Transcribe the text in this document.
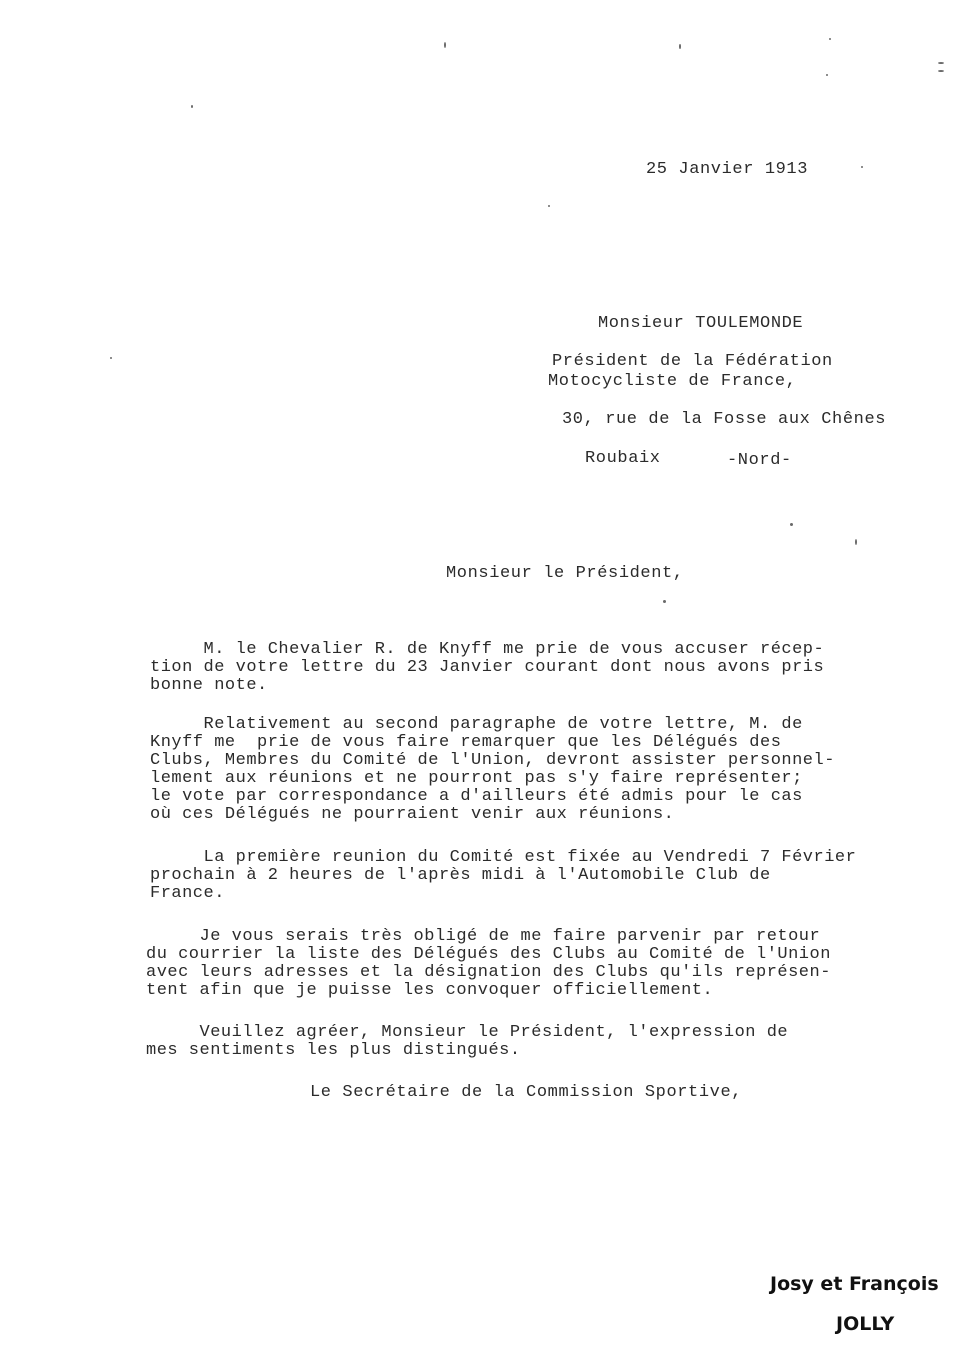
25 Janvier 1913

Monsieur TOULEMONDE

Président de la Fédération

Motocycliste de France,

30, rue de la Fosse aux Chênes

Roubaix	-Nord-

Monsieur le Président,

M. le Chevalier R. de Knyff me prie de vous accuser récep-
tion de votre lettre du 23 Janvier courant dont nous avons pris
bonne note.
Relativement au second paragraphe de votre lettre, M. de
Knyff me  prie de vous faire remarquer que les Délégués des
Clubs, Membres du Comité de l'Union, devront assister personnel-
lement aux réunions et ne pourront pas s'y faire représenter;
le vote par correspondance a d'ailleurs été admis pour le cas
où ces Délégués ne pourraient venir aux réunions.
La première reunion du Comité est fixée au Vendredi 7 Février
prochain à 2 heures de l'après midi à l'Automobile Club de
France.
Je vous serais très obligé de me faire parvenir par retour
du courrier la liste des Délégués des Clubs au Comité de l'Union
avec leurs adresses et la désignation des Clubs qu'ils représen-
tent afin que je puisse les convoquer officiellement.
Veuillez agréer, Monsieur le Président, l'expression de
mes sentiments les plus distingués.

Le Secrétaire de la Commission Sportive,

Josy et François
JOLLY
